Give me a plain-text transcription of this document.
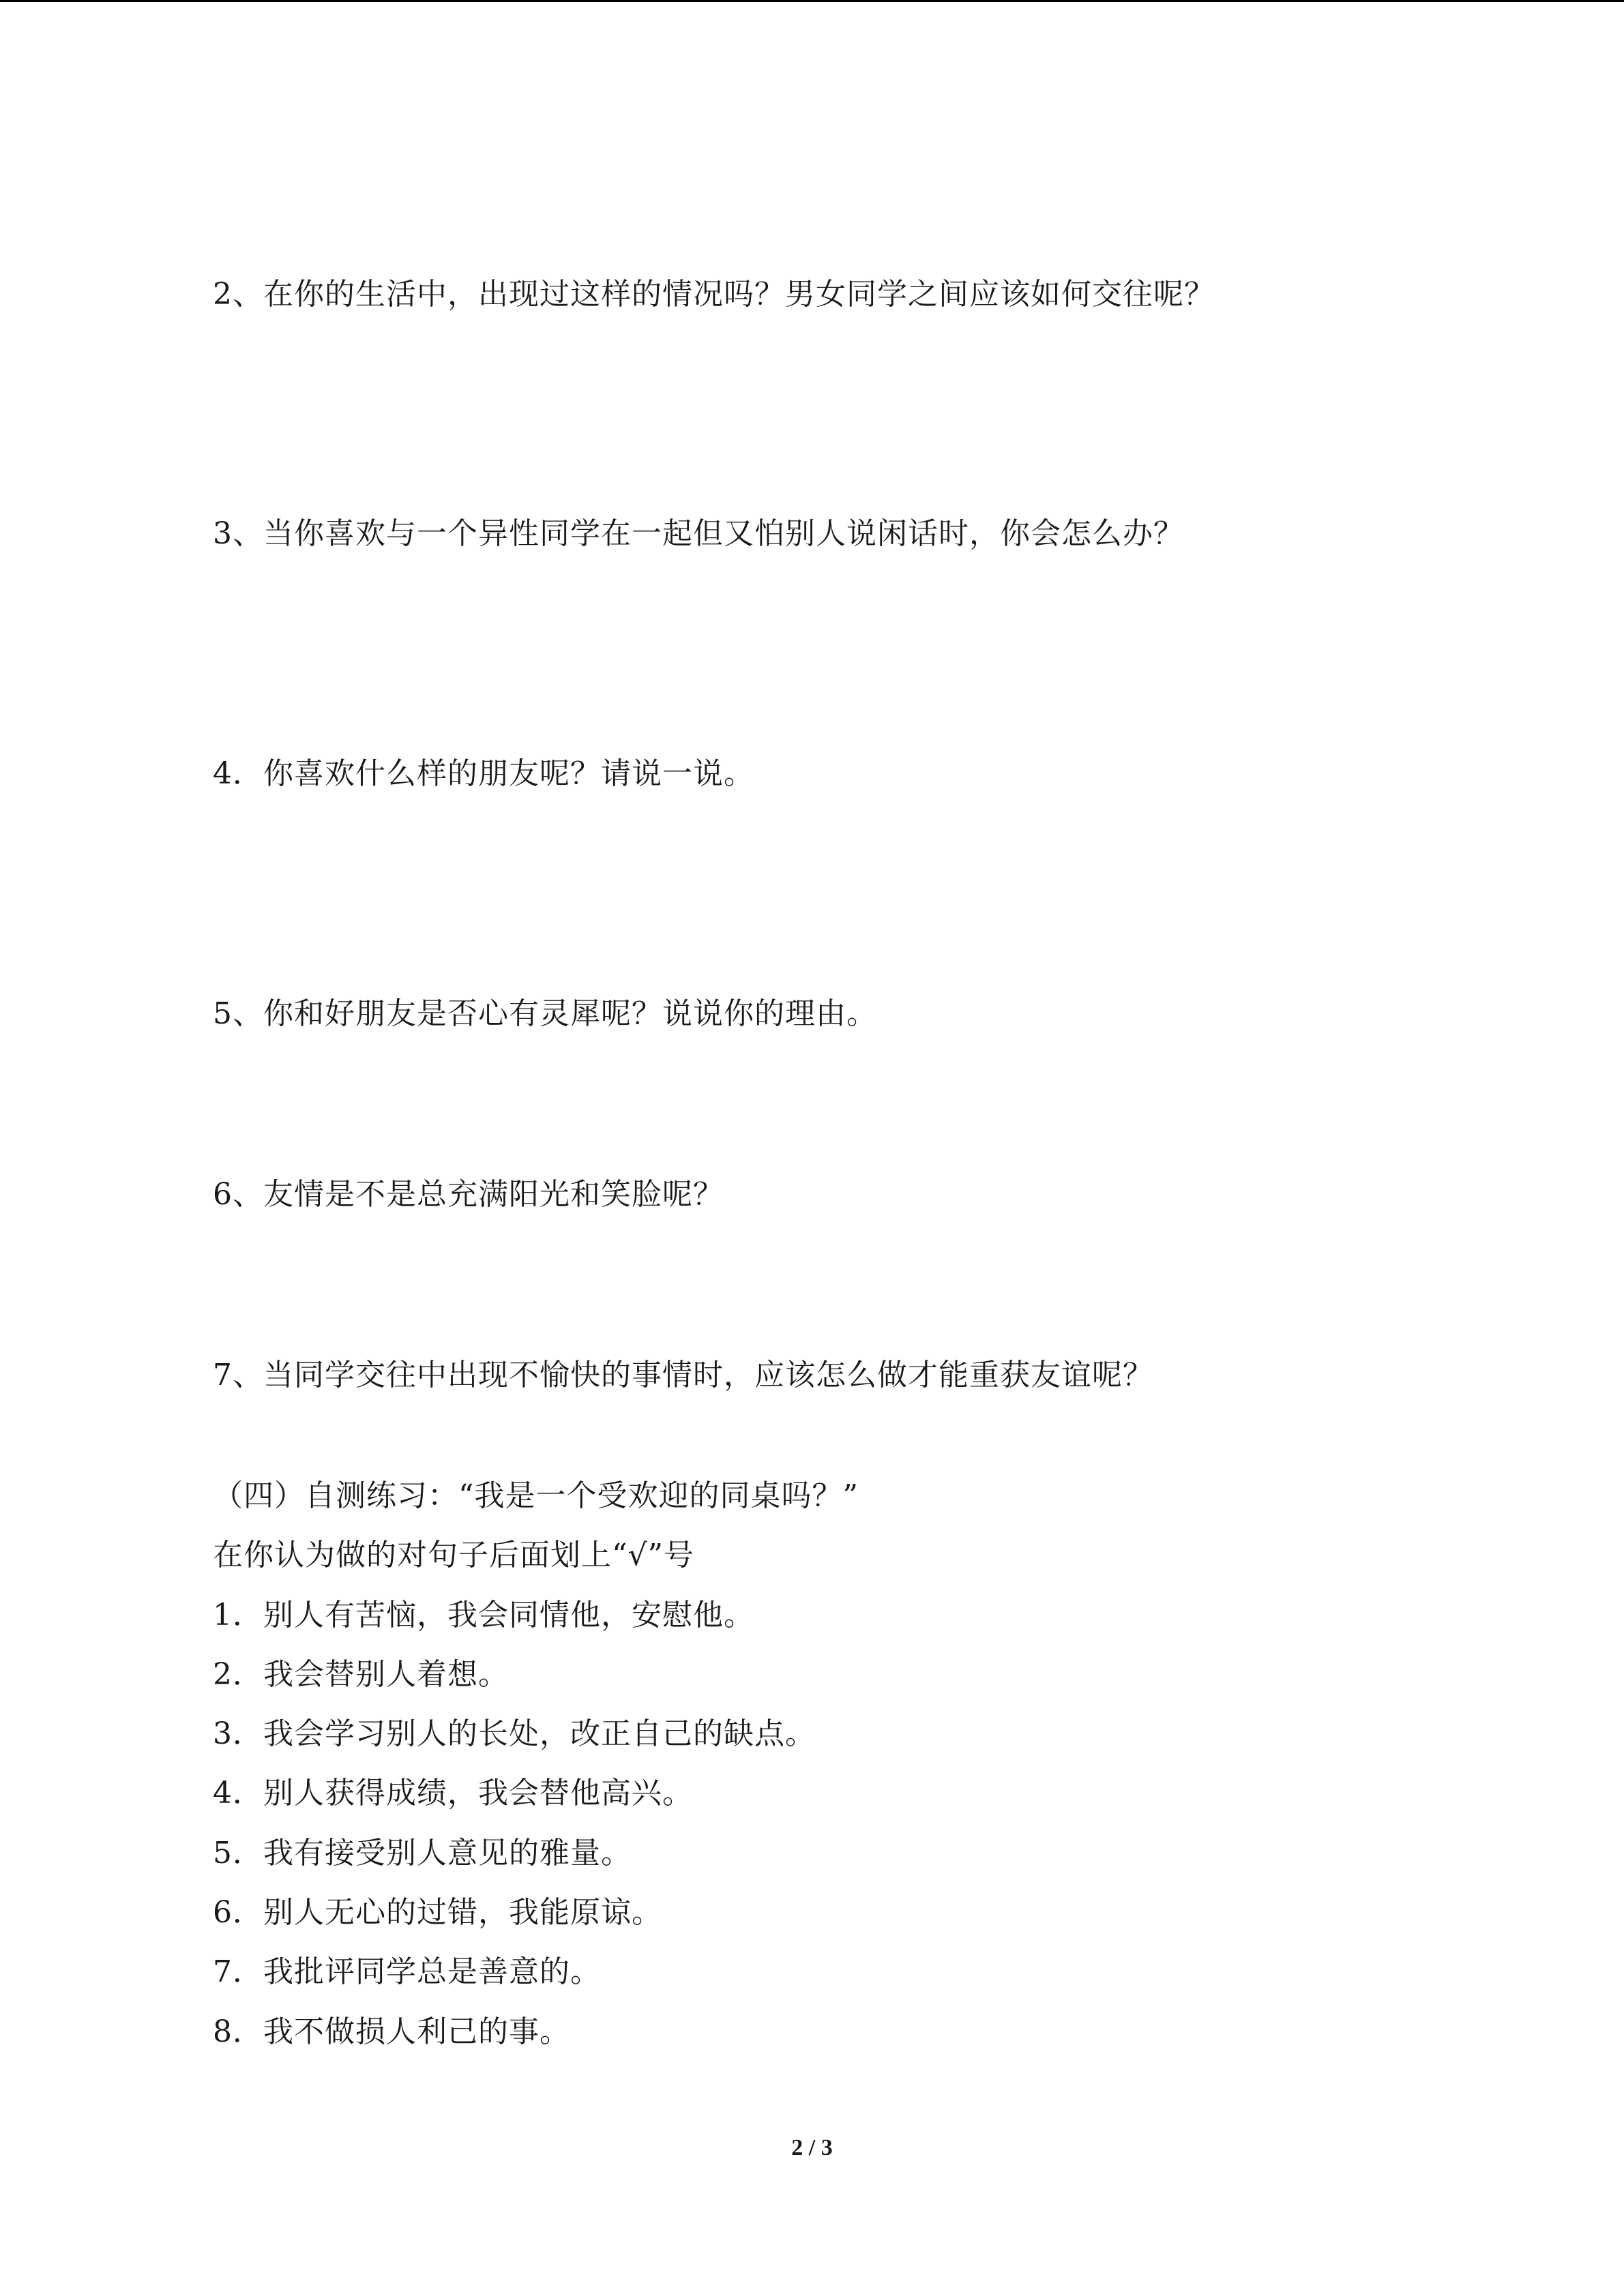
2、在你的生活中，出现过这样的情况吗？男女同学之间应该如何交往呢？
3、当你喜欢与一个异性同学在一起但又怕别人说闲话时，你会怎么办？
4．你喜欢什么样的朋友呢？请说一说。
5、你和好朋友是否心有灵犀呢？说说你的理由。
6、友情是不是总充满阳光和笑脸呢？
7、当同学交往中出现不愉快的事情时，应该怎么做才能重获友谊呢？
（四）自测练习：“我是一个受欢迎的同桌吗？”
在你认为做的对句子后面划上“√”号
1．别人有苦恼，我会同情他，安慰他。
2．我会替别人着想。
3．我会学习别人的长处，改正自己的缺点。
4．别人获得成绩，我会替他高兴。
5．我有接受别人意见的雅量。
6．别人无心的过错，我能原谅。
7．我批评同学总是善意的。
8．我不做损人利己的事。
2 / 3
